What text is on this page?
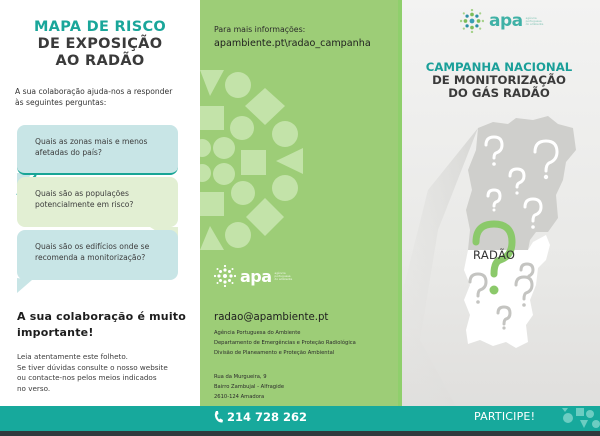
MAPA DE RISCO
DE EXPOSIÇÃO
AO RADÃO

A sua colaboração ajuda-nos a responder
às seguintes perguntas:

Quais as zonas mais e menos
afetadas do país?
Quais são as populações
potencialmente em risco?
Quais são os edifícios onde se
recomenda a monitorização?
A sua colaboração é muito
importante!

Leia atentamente este folheto.
Se tiver dúvidas consulte o nosso website
ou contacte-nos pelos meios indicados
no verso.

Para mais informações:
apambiente.pt\radao_campanha
apa agência portuguesa
do ambiente
radao@apambiente.pt
Agência Portuguesa do Ambiente
Departamento de Emergências e Proteção Radiológica
Divisão de Planeamento e Proteção Ambiental
Rua da Murgueira, 9
Bairro Zambujal - Alfragide
2610-124 Amadora
apa agência portuguesa
do ambiente
CAMPANHA NACIONAL
DE MONITORIZAÇÃO
DO GÁS RADÃO
RADÃO
214 728 262	PARTICIPE!
